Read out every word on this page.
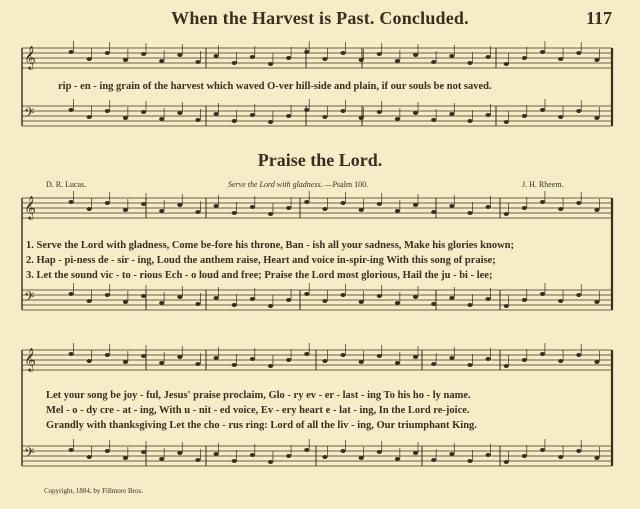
When the Harvest is Past. Concluded.	117
𝄞
𝄢
𝄞
𝄢
𝄞
𝄢
rip - en - ing grain of the harvest which waved O-ver hill-side and plain, if our souls be not saved.
Praise the Lord.
D. R. Lucas.	Serve the Lord with gladness. —Psalm 100.	J. H. Rheem.
1. Serve the Lord with gladness, Come be-fore his throne, Ban - ish all your sadness, Make his glories known;
2. Hap - pi-ness de - sir - ing, Loud the anthem raise, Heart and voice in-spir-ing With this song of praise;
3. Let the sound vic - to - rious Ech - o loud and free; Praise the Lord most glorious, Hail the ju - bi - lee;
Let your song be joy - ful, Jesus' praise proclaim, Glo - ry ev - er - last - ing To his ho - ly name.
Mel - o - dy cre - at - ing, With u - nit - ed voice, Ev - ery heart e - lat - ing, In the Lord re-joice.
Grandly with thanksgiving Let the cho - rus ring: Lord of all the liv - ing, Our triumphant King.
Copyright, 1884, by Fillmore Bros.
